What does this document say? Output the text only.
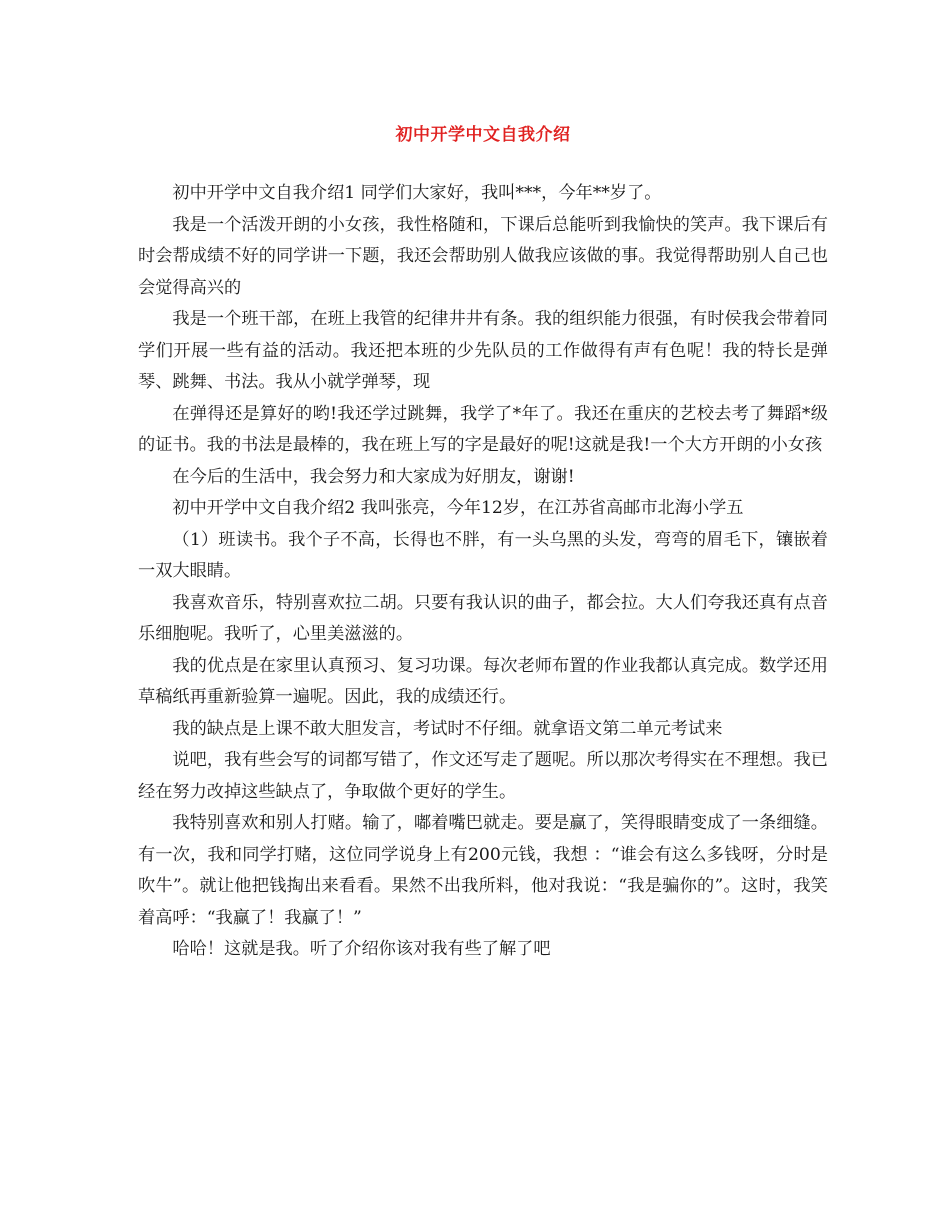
初中开学中文自我介绍

初中开学中文自我介绍1 同学们大家好，我叫***，今年**岁了。

我是一个活泼开朗的小女孩，我性格随和，下课后总能听到我愉快的笑声。我下课后有时会帮成绩不好的同学讲一下题，我还会帮助别人做我应该做的事。我觉得帮助别人自己也会觉得高兴的

我是一个班干部，在班上我管的纪律井井有条。我的组织能力很强，有时侯我会带着同学们开展一些有益的活动。我还把本班的少先队员的工作做得有声有色呢！我的特长是弹琴、跳舞、书法。我从小就学弹琴，现

在弹得还是算好的哟!我还学过跳舞，我学了*年了。我还在重庆的艺校去考了舞蹈*级的证书。我的书法是最棒的，我在班上写的字是最好的呢!这就是我!一个大方开朗的小女孩

在今后的生活中，我会努力和大家成为好朋友，谢谢!

初中开学中文自我介绍2 我叫张亮，今年12岁，在江苏省高邮市北海小学五

（1）班读书。我个子不高，长得也不胖，有一头乌黑的头发，弯弯的眉毛下，镶嵌着一双大眼睛。

我喜欢音乐，特别喜欢拉二胡。只要有我认识的曲子，都会拉。大人们夸我还真有点音乐细胞呢。我听了，心里美滋滋的。

我的优点是在家里认真预习、复习功课。每次老师布置的作业我都认真完成。数学还用草稿纸再重新验算一遍呢。因此，我的成绩还行。

我的缺点是上课不敢大胆发言，考试时不仔细。就拿语文第二单元考试来

说吧，我有些会写的词都写错了，作文还写走了题呢。所以那次考得实在不理想。我已经在努力改掉这些缺点了，争取做个更好的学生。

我特别喜欢和别人打赌。输了，嘟着嘴巴就走。要是赢了，笑得眼睛变成了一条细缝。有一次，我和同学打赌，这位同学说身上有200元钱，我想 ：“谁会有这么多钱呀，分时是吹牛”。就让他把钱掏出来看看。果然不出我所料，他对我说：“我是骗你的”。这时，我笑着高呼：“我赢了！我赢了！”

哈哈！这就是我。听了介绍你该对我有些了解了吧
